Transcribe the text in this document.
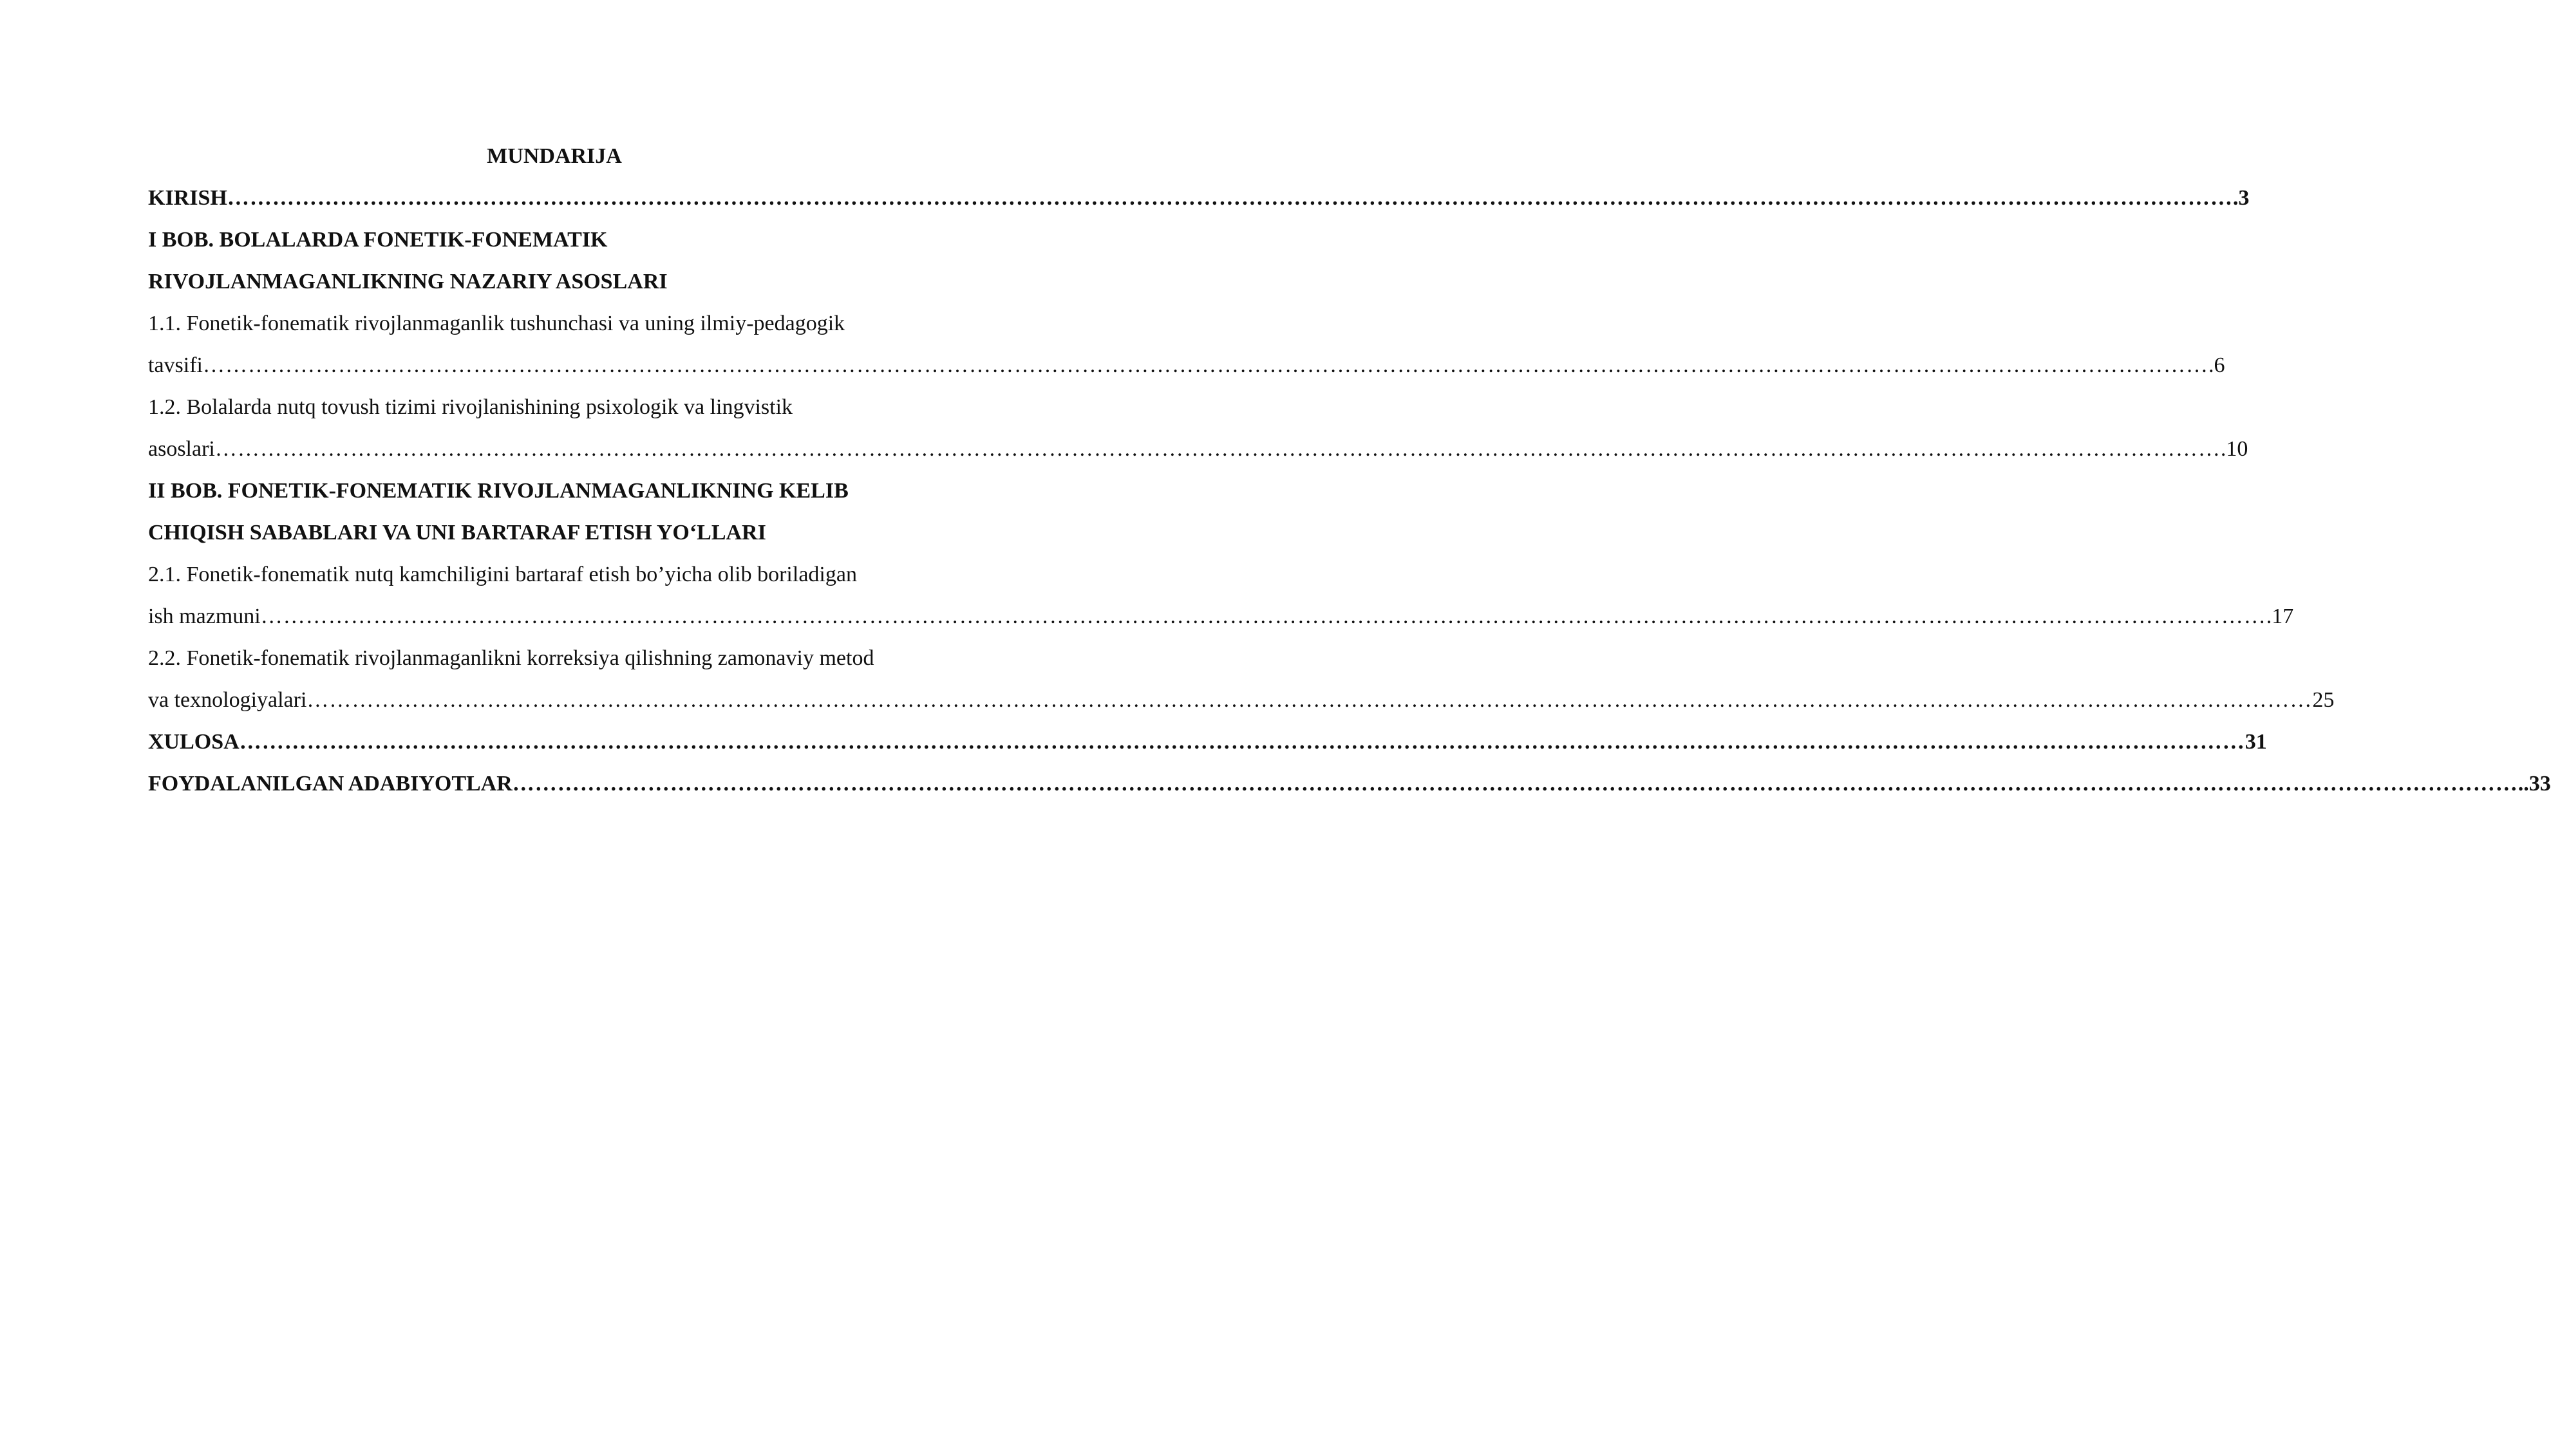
MUNDARIJA
KIRISH …………………………………………………………………………………………………………………………………………………………………………………………………………………………………………… .3
I BOB. BOLALARDA FONETIK-FONEMATIK
RIVOJLANMAGANLIKNING NAZARIY ASOSLARI
1.1. Fonetik-fonematik rivojlanmaganlik tushunchasi va uning ilmiy-pedagogik
tavsifi …………………………………………………………………………………………………………………………………………………………………………………………………………………………………………… .6
1.2. Bolalarda nutq tovush tizimi rivojlanishining psixologik va lingvistik
asoslari …………………………………………………………………………………………………………………………………………………………………………………………………………………………………………… .10
II BOB. FONETIK-FONEMATIK RIVOJLANMAGANLIKNING KELIB
CHIQISH SABABLARI VA UNI BARTARAF ETISH YO‘LLARI
2.1. Fonetik-fonematik nutq kamchiligini bartaraf etish bo’yicha olib boriladigan
ish mazmuni …………………………………………………………………………………………………………………………………………………………………………………………………………………………………………… .17
2.2. Fonetik-fonematik rivojlanmaganlikni korreksiya qilishning zamonaviy metod
va texnologiyalari …………………………………………………………………………………………………………………………………………………………………………………………………………………………………………… 25
XULOSA …………………………………………………………………………………………………………………………………………………………………………………………………………………………………………… 31
FOYDALANILGAN ADABIYOTLAR …………………………………………………………………………………………………………………………………………………………………………………………………………………………………………… ..33
